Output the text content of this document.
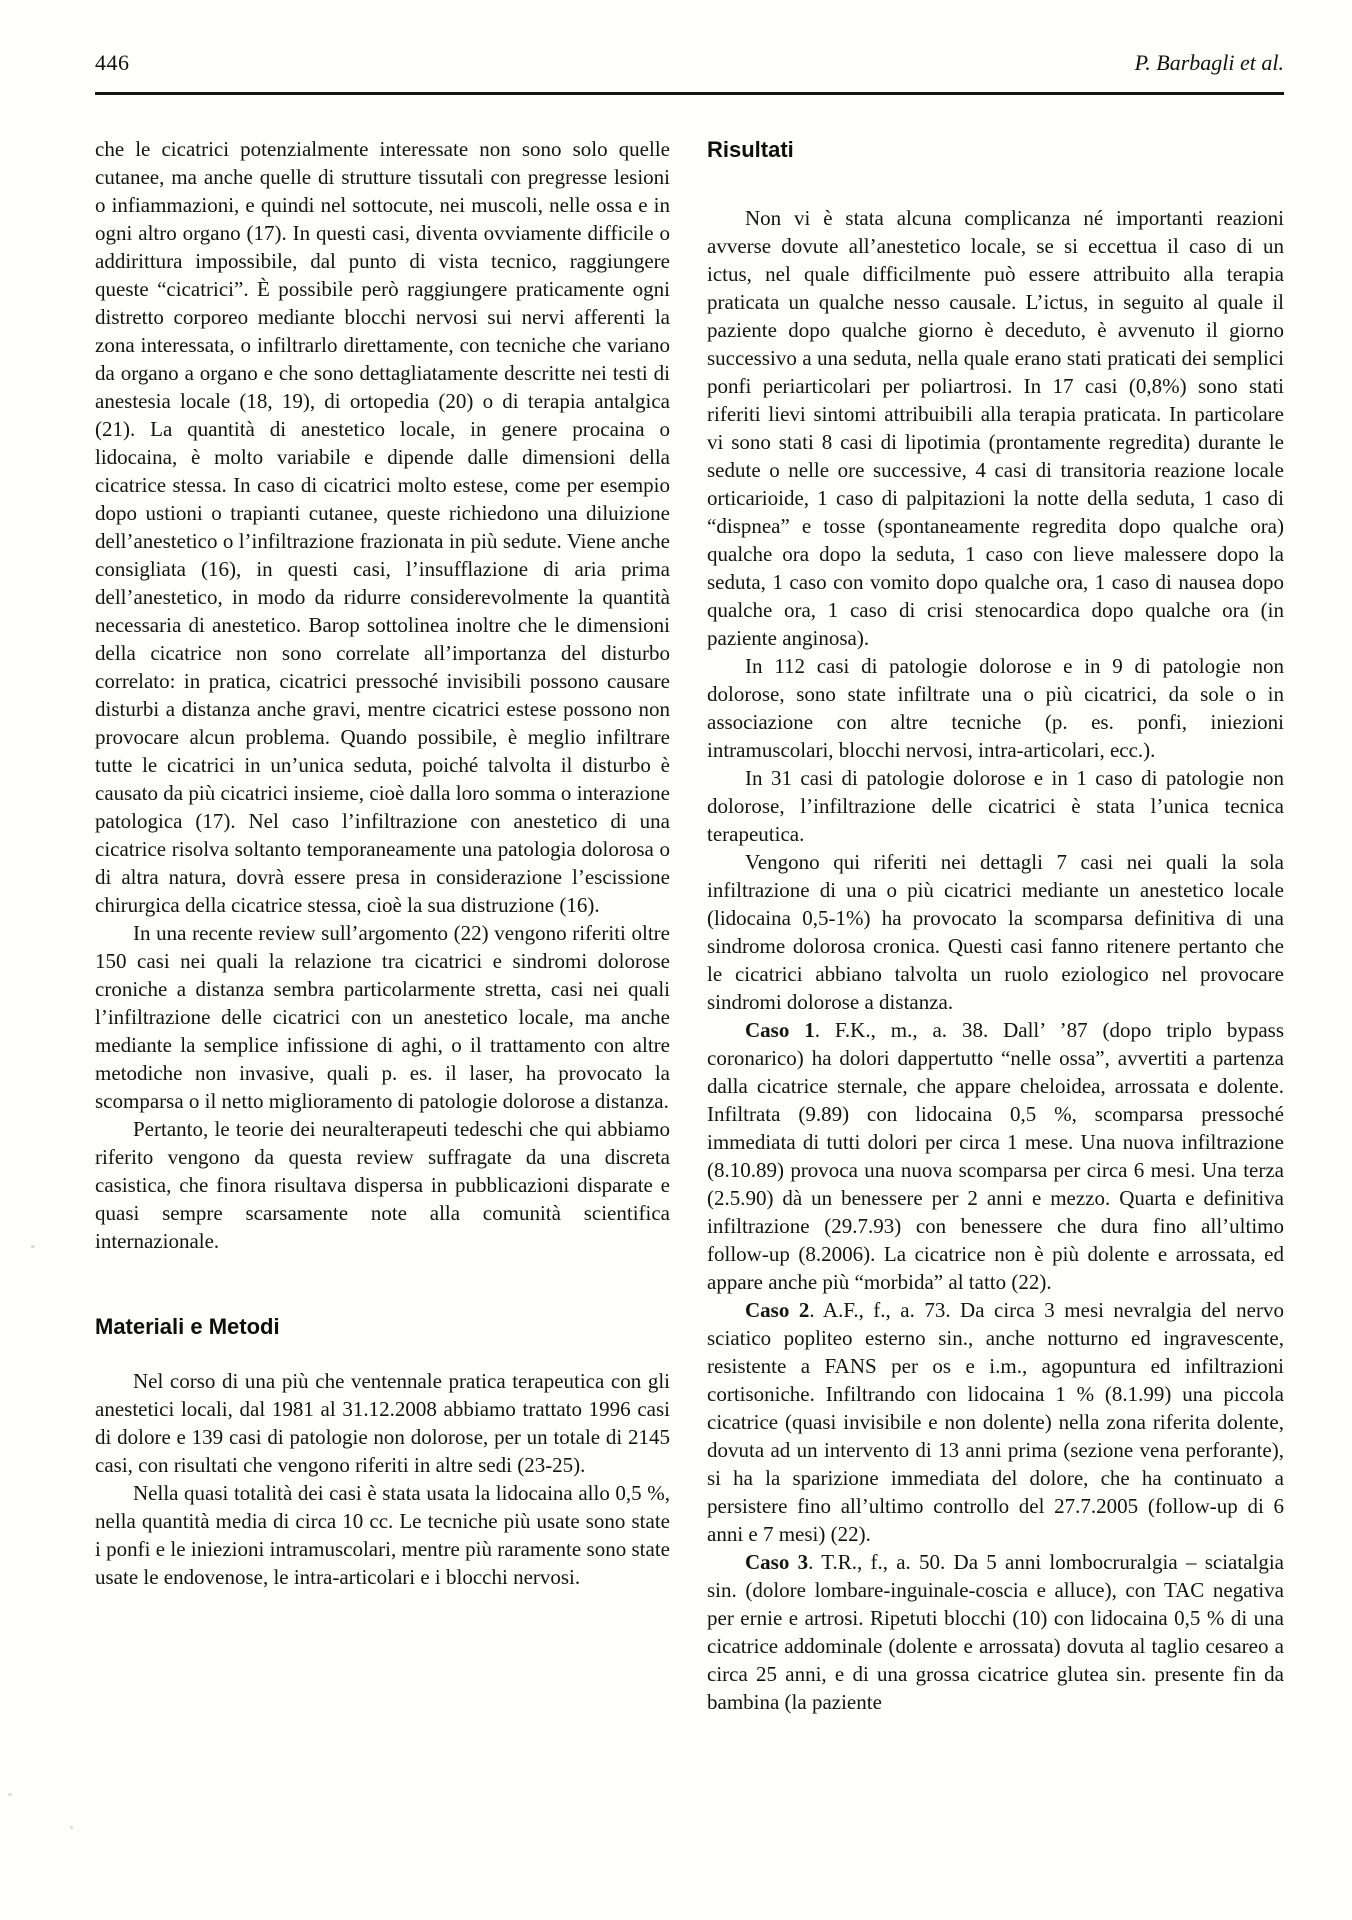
446	P. Barbagli et al.

che le cicatrici potenzialmente interessate non sono solo quelle cutanee, ma anche quelle di strutture tissutali con pregresse lesioni o infiammazioni, e quindi nel sottocute, nei muscoli, nelle ossa e in ogni altro organo (17). In questi casi, diventa ovviamente difficile o addirittura impossibile, dal punto di vista tecnico, raggiungere queste “cicatrici”. È possibile però raggiungere praticamente ogni distretto corporeo mediante blocchi nervosi sui nervi afferenti la zona interessata, o infiltrarlo direttamente, con tecniche che variano da organo a organo e che sono dettagliatamente descritte nei testi di anestesia locale (18, 19), di ortopedia (20) o di terapia antalgica (21). La quantità di anestetico locale, in genere procaina o lidocaina, è molto variabile e dipende dalle dimensioni della cicatrice stessa. In caso di cicatrici molto estese, come per esempio dopo ustioni o trapianti cutanee, queste richiedono una diluizione dell’anestetico o l’infiltrazione frazionata in più sedute. Viene anche consigliata (16), in questi casi, l’insufflazione di aria prima dell’anestetico, in modo da ridurre considerevolmente la quantità necessaria di anestetico. Barop sottolinea inoltre che le dimensioni della cicatrice non sono correlate all’importanza del disturbo correlato: in pratica, cicatrici pressoché invisibili possono causare disturbi a distanza anche gravi, mentre cicatrici estese possono non provocare alcun problema. Quando possibile, è meglio infiltrare tutte le cicatrici in un’unica seduta, poiché talvolta il disturbo è causato da più cicatrici insieme, cioè dalla loro somma o interazione patologica (17). Nel caso l’infiltrazione con anestetico di una cicatrice risolva soltanto temporaneamente una patologia dolorosa o di altra natura, dovrà essere presa in considerazione l’escissione chirurgica della cicatrice stessa, cioè la sua distruzione (16).

In una recente review sull’argomento (22) vengono riferiti oltre 150 casi nei quali la relazione tra cicatrici e sindromi dolorose croniche a distanza sembra particolarmente stretta, casi nei quali l’infiltrazione delle cicatrici con un anestetico locale, ma anche mediante la semplice infissione di aghi, o il trattamento con altre metodiche non invasive, quali p. es. il laser, ha provocato la scomparsa o il netto miglioramento di patologie dolorose a distanza.

Pertanto, le teorie dei neuralterapeuti tedeschi che qui abbiamo riferito vengono da questa review suffragate da una discreta casistica, che finora risultava dispersa in pubblicazioni disparate e quasi sempre scarsamente note alla comunità scientifica internazionale.

Materiali e Metodi

Nel corso di una più che ventennale pratica terapeutica con gli anestetici locali, dal 1981 al 31.12.2008 abbiamo trattato 1996 casi di dolore e 139 casi di patologie non dolorose, per un totale di 2145 casi, con risultati che vengono riferiti in altre sedi (23-25).

Nella quasi totalità dei casi è stata usata la lidocaina allo 0,5 %, nella quantità media di circa 10 cc. Le tecniche più usate sono state i ponfi e le iniezioni intramuscolari, mentre più raramente sono state usate le endovenose, le intra-articolari e i blocchi nervosi.

Risultati

Non vi è stata alcuna complicanza né importanti reazioni avverse dovute all’anestetico locale, se si eccettua il caso di un ictus, nel quale difficilmente può essere attribuito alla terapia praticata un qualche nesso causale. L’ictus, in seguito al quale il paziente dopo qualche giorno è deceduto, è avvenuto il giorno successivo a una seduta, nella quale erano stati praticati dei semplici ponfi periarticolari per poliartrosi. In 17 casi (0,8%) sono stati riferiti lievi sintomi attribuibili alla terapia praticata. In particolare vi sono stati 8 casi di lipotimia (prontamente regredita) durante le sedute o nelle ore successive, 4 casi di transitoria reazione locale orticarioide, 1 caso di palpitazioni la notte della seduta, 1 caso di “dispnea” e tosse (spontaneamente regredita dopo qualche ora) qualche ora dopo la seduta, 1 caso con lieve malessere dopo la seduta, 1 caso con vomito dopo qualche ora, 1 caso di nausea dopo qualche ora, 1 caso di crisi stenocardica dopo qualche ora (in paziente anginosa).

In 112 casi di patologie dolorose e in 9 di patologie non dolorose, sono state infiltrate una o più cicatrici, da sole o in associazione con altre tecniche (p. es. ponfi, iniezioni intramuscolari, blocchi nervosi, intra-articolari, ecc.).

In 31 casi di patologie dolorose e in 1 caso di patologie non dolorose, l’infiltrazione delle cicatrici è stata l’unica tecnica terapeutica.

Vengono qui riferiti nei dettagli 7 casi nei quali la sola infiltrazione di una o più cicatrici mediante un anestetico locale (lidocaina 0,5-1%) ha provocato la scomparsa definitiva di una sindrome dolorosa cronica. Questi casi fanno ritenere pertanto che le cicatrici abbiano talvolta un ruolo eziologico nel provocare sindromi dolorose a distanza.

Caso 1. F.K., m., a. 38. Dall’ ’87 (dopo triplo bypass coronarico) ha dolori dappertutto “nelle ossa”, avvertiti a partenza dalla cicatrice sternale, che appare cheloidea, arrossata e dolente. Infiltrata (9.89) con lidocaina 0,5 %, scomparsa pressoché immediata di tutti dolori per circa 1 mese. Una nuova infiltrazione (8.10.89) provoca una nuova scomparsa per circa 6 mesi. Una terza (2.5.90) dà un benessere per 2 anni e mezzo. Quarta e definitiva infiltrazione (29.7.93) con benessere che dura fino all’ultimo follow-up (8.2006). La cicatrice non è più dolente e arrossata, ed appare anche più “morbida” al tatto (22).

Caso 2. A.F., f., a. 73. Da circa 3 mesi nevralgia del nervo sciatico popliteo esterno sin., anche notturno ed ingravescente, resistente a FANS per os e i.m., agopuntura ed infiltrazioni cortisoniche. Infiltrando con lidocaina 1 % (8.1.99) una piccola cicatrice (quasi invisibile e non dolente) nella zona riferita dolente, dovuta ad un intervento di 13 anni prima (sezione vena perforante), si ha la sparizione immediata del dolore, che ha continuato a persistere fino all’ultimo controllo del 27.7.2005 (follow-up di 6 anni e 7 mesi) (22).

Caso 3. T.R., f., a. 50. Da 5 anni lombocruralgia – sciatalgia sin. (dolore lombare-inguinale-coscia e alluce), con TAC negativa per ernie e artrosi. Ripetuti blocchi (10) con lidocaina 0,5 % di una cicatrice addominale (dolente e arrossata) dovuta al taglio cesareo a circa 25 anni, e di una grossa cicatrice glutea sin. presente fin da bambina (la paziente
